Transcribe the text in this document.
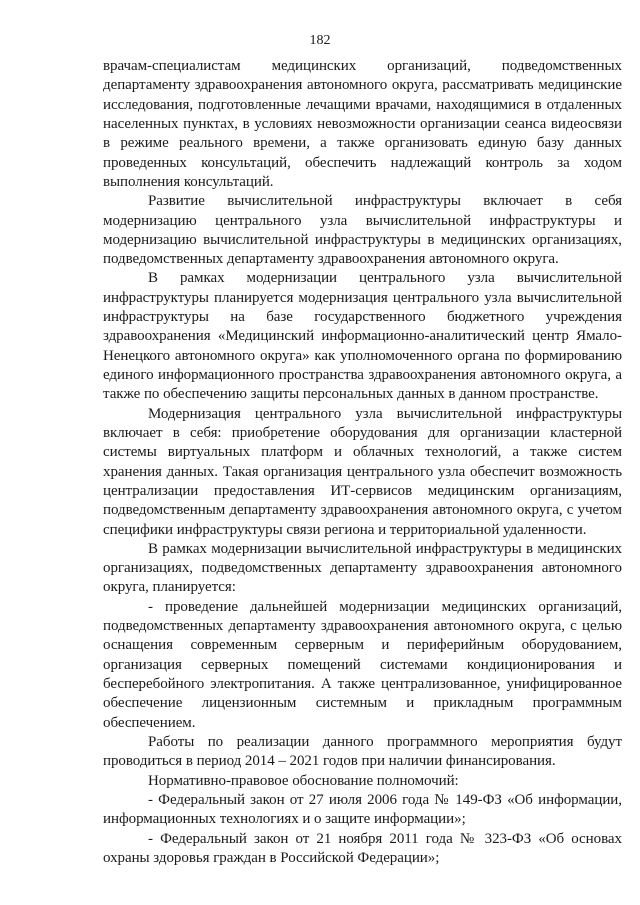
182

врачам-специалистам медицинских организаций, подведомственных департаменту здравоохранения автономного округа, рассматривать медицинские исследования, подготовленные лечащими врачами, находящимися в отдаленных населенных пунктах, в условиях невозможности организации сеанса видеосвязи в режиме реального времени, а также организовать единую базу данных проведенных консультаций, обеспечить надлежащий контроль за ходом выполнения консультаций.

Развитие вычислительной инфраструктуры включает в себя модернизацию центрального узла вычислительной инфраструктуры и модернизацию вычислительной инфраструктуры в медицинских организациях, подведомственных департаменту здравоохранения автономного округа.

В рамках модернизации центрального узла вычислительной инфраструктуры планируется модернизация центрального узла вычислительной инфраструктуры на базе государственного бюджетного учреждения здравоохранения «Медицинский информационно-аналитический центр Ямало-Ненецкого автономного округа» как уполномоченного органа по формированию единого информационного пространства здравоохранения автономного округа, а также по обеспечению защиты персональных данных в данном пространстве.

Модернизация центрального узла вычислительной инфраструктуры включает в себя: приобретение оборудования для организации кластерной системы виртуальных платформ и облачных технологий, а также систем хранения данных. Такая организация центрального узла обеспечит возможность централизации предоставления ИТ-сервисов медицинским организациям, подведомственным департаменту здравоохранения автономного округа, с учетом специфики инфраструктуры связи региона и территориальной удаленности.

В рамках модернизации вычислительной инфраструктуры в медицинских организациях, подведомственных департаменту здравоохранения автономного округа, планируется:

- проведение дальнейшей модернизации медицинских организаций, подведомственных департаменту здравоохранения автономного округа, с целью оснащения современным серверным и периферийным оборудованием, организация серверных помещений системами кондиционирования и бесперебойного электропитания. А также централизованное, унифицированное обеспечение лицензионным системным и прикладным программным обеспечением.

Работы по реализации данного программного мероприятия будут проводиться в период 2014 – 2021 годов при наличии финансирования.

Нормативно-правовое обоснование полномочий:

- Федеральный закон от 27 июля 2006 года № 149-ФЗ «Об информации, информационных технологиях и о защите информации»;

- Федеральный закон от 21 ноября 2011 года № 323-ФЗ «Об основах охраны здоровья граждан в Российской Федерации»;
